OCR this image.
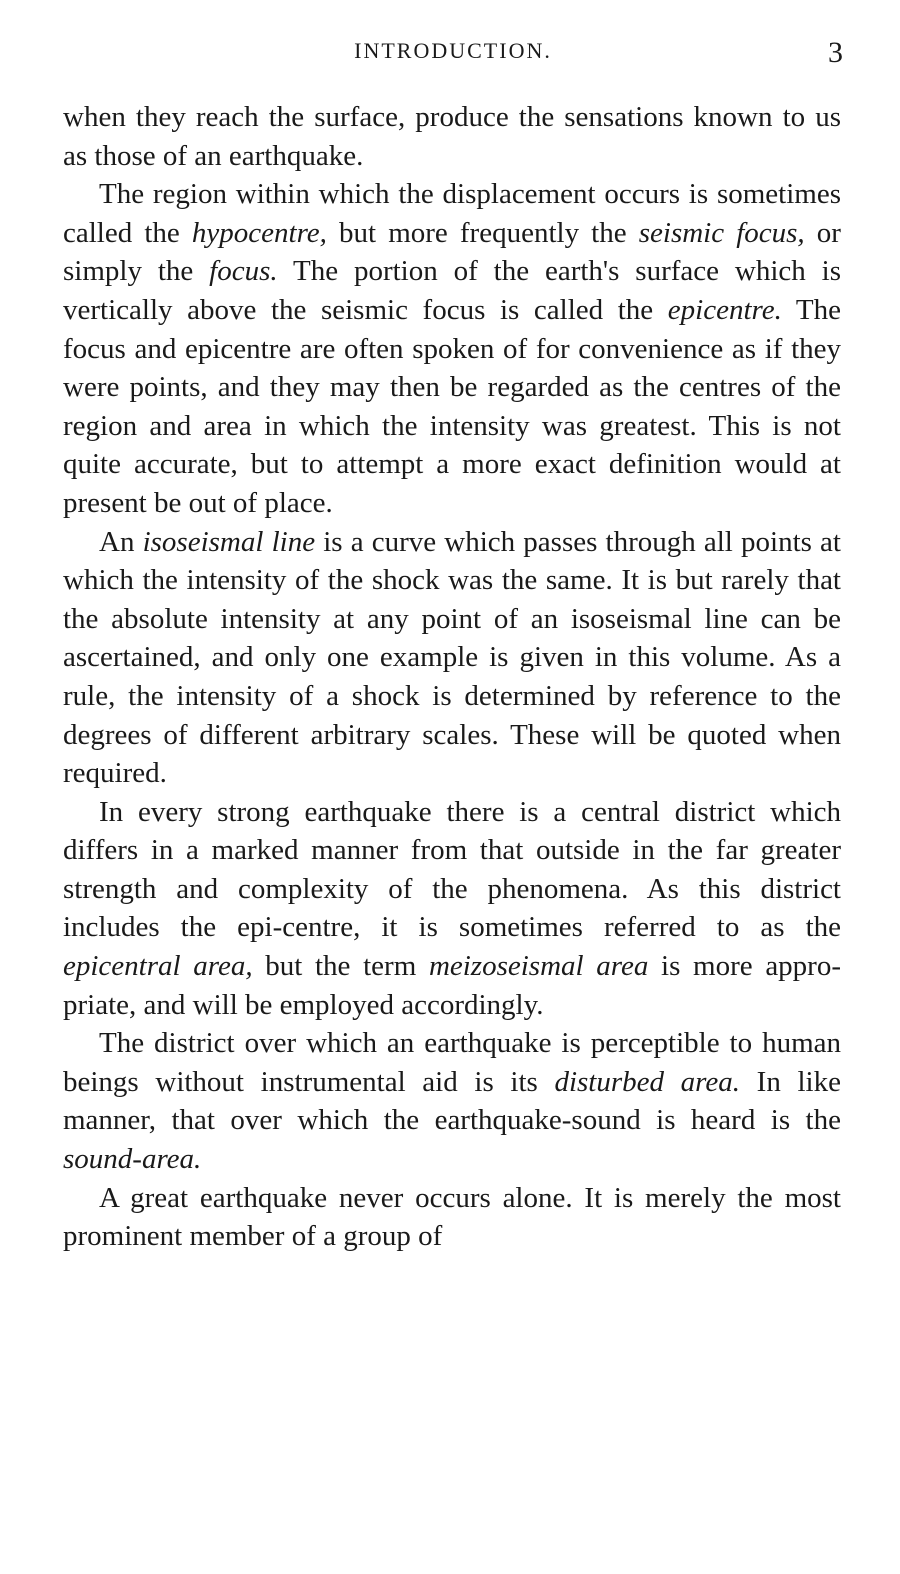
INTRODUCTION.	3

when they reach the surface, produce the sensations known to us as those of an earthquake.

The region within which the displacement occurs is sometimes called the hypocentre, but more frequently the seismic focus, or simply the focus. The portion of the earth's surface which is vertically above the seismic focus is called the epicentre. The focus and epicentre are often spoken of for convenience as if they were points, and they may then be regarded as the centres of the region and area in which the intensity was greatest. This is not quite accurate, but to attempt a more exact definition would at present be out of place.

An isoseismal line is a curve which passes through all points at which the intensity of the shock was the same. It is but rarely that the absolute intensity at any point of an isoseismal line can be ascertained, and only one example is given in this volume. As a rule, the intensity of a shock is determined by reference to the degrees of different arbitrary scales. These will be quoted when required.

In every strong earthquake there is a central district which differs in a marked manner from that outside in the far greater strength and complexity of the phenomena. As this district includes the epi-centre, it is sometimes referred to as the epicentral area, but the term meizoseismal area is more appro-priate, and will be employed accordingly.

The district over which an earthquake is perceptible to human beings without instrumental aid is its disturbed area. In like manner, that over which the earthquake-sound is heard is the sound-area.

A great earthquake never occurs alone. It is merely the most prominent member of a group of
